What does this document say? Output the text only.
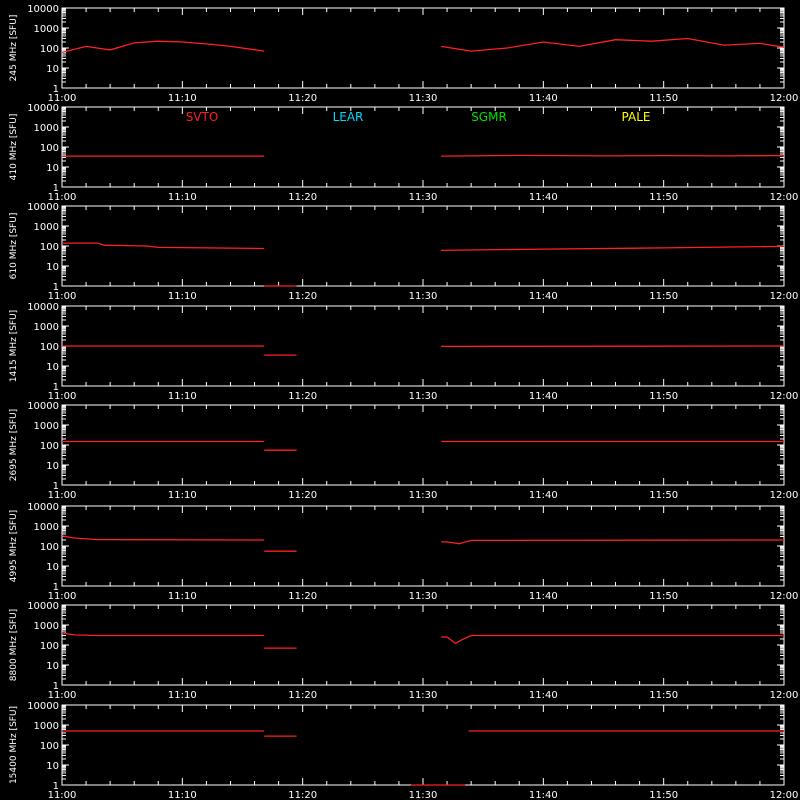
10000
1000
100
10
1
11:00	11:10	11:20	11:30	11:40	11:50	12:00
245 MHz [SFU]
10000
1000
100
10
1
11:00	11:10	11:20	11:30	11:40	11:50	12:00
410 MHz [SFU]
10000
1000
100
10
1
11:00	11:10	11:20	11:30	11:40	11:50	12:00
610 MHz [SFU]
10000
1000
100
10
1
11:00	11:10	11:20	11:30	11:40	11:50	12:00
1415 MHz [SFU]
10000
1000
100
10
1
11:00	11:10	11:20	11:30	11:40	11:50	12:00
2695 MHz [SFU]
10000
1000
100
10
1
11:00	11:10	11:20	11:30	11:40	11:50	12:00
4995 MHz [SFU]
10000
1000
100
10
1
11:00	11:10	11:20	11:30	11:40	11:50	12:00
8800 MHz [SFU]
10000
1000
100
10
1
11:00	11:10	11:20	11:30	11:40	11:50	12:00
15400 MHz [SFU]
SVTO	LEAR	SGMR	PALE
